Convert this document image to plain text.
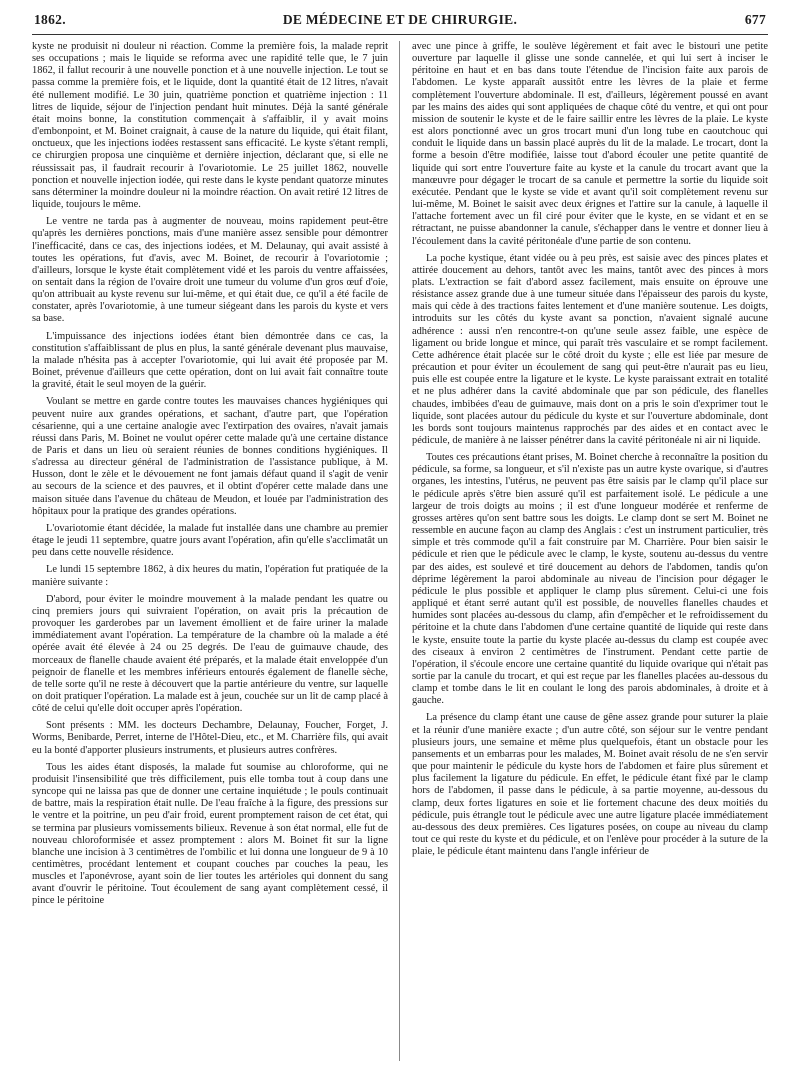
1862.	DE MÉDECINE ET DE CHIRURGIE.	677

kyste ne produisit ni douleur ni réaction. Comme la première fois, la malade reprit ses occupations ; mais le liquide se reforma avec une rapidité telle que, le 7 juin 1862, il fallut recourir à une nouvelle ponction et à une nouvelle injection. Le tout se passa comme la première fois, et le liquide, dont la quantité était de 12 litres, n'avait été nullement modifié. Le 30 juin, quatrième ponction et quatrième injection : 11 litres de liquide, séjour de l'injection pendant huit minutes. Déjà la santé générale était moins bonne, la constitution commençait à s'affaiblir, il y avait moins d'embonpoint, et M. Boinet craignait, à cause de la nature du liquide, qui était filant, onctueux, que les injections iodées restassent sans efficacité. Le kyste s'étant rempli, ce chirurgien proposa une cinquième et dernière injection, déclarant que, si elle ne réussissait pas, il faudrait recourir à l'ovariotomie. Le 25 juillet 1862, nouvelle ponction et nouvelle injection iodée, qui reste dans le kyste pendant quatorze minutes sans déterminer la moindre douleur ni la moindre réaction. On avait retiré 12 litres de liquide, toujours le même.

Le ventre ne tarda pas à augmenter de nouveau, moins rapidement peut-être qu'après les dernières ponctions, mais d'une manière assez sensible pour démontrer l'inefficacité, dans ce cas, des injections iodées, et M. Delaunay, qui avait assisté à toutes les opérations, fut d'avis, avec M. Boinet, de recourir à l'ovariotomie ; d'ailleurs, lorsque le kyste était complètement vidé et les parois du ventre affaissées, on sentait dans la région de l'ovaire droit une tumeur du volume d'un gros œuf d'oie, qu'on attribuait au kyste revenu sur lui-même, et qui était due, ce qu'il a été facile de constater, après l'ovariotomie, à une tumeur siégeant dans les parois du kyste et vers sa base.

L'impuissance des injections iodées étant bien démontrée dans ce cas, la constitution s'affaiblissant de plus en plus, la santé générale devenant plus mauvaise, la malade n'hésita pas à accepter l'ovariotomie, qui lui avait été proposée par M. Boinet, prévenue d'ailleurs que cette opération, dont on lui avait fait connaître toute la gravité, était le seul moyen de la guérir.

Voulant se mettre en garde contre toutes les mauvaises chances hygiéniques qui peuvent nuire aux grandes opérations, et sachant, d'autre part, que l'opération césarienne, qui a une certaine analogie avec l'extirpation des ovaires, n'avait jamais réussi dans Paris, M. Boinet ne voulut opérer cette malade qu'à une certaine distance de Paris et dans un lieu où seraient réunies de bonnes conditions hygiéniques. Il s'adressa au directeur général de l'administration de l'assistance publique, à M. Husson, dont le zèle et le dévouement ne font jamais défaut quand il s'agit de venir au secours de la science et des pauvres, et il obtint d'opérer cette malade dans une maison située dans l'avenue du château de Meudon, et louée par l'administration des hôpitaux pour la pratique des grandes opérations.

L'ovariotomie étant décidée, la malade fut installée dans une chambre au premier étage le jeudi 11 septembre, quatre jours avant l'opération, afin qu'elle s'acclimatât un peu dans cette nouvelle résidence.

Le lundi 15 septembre 1862, à dix heures du matin, l'opération fut pratiquée de la manière suivante :

D'abord, pour éviter le moindre mouvement à la malade pendant les quatre ou cinq premiers jours qui suivraient l'opération, on avait pris la précaution de provoquer les garderobes par un lavement émollient et de faire uriner la malade immédiatement avant l'opération. La température de la chambre où la malade a été opérée avait été élevée à 24 ou 25 degrés. De l'eau de guimauve chaude, des morceaux de flanelle chaude avaient été préparés, et la malade était enveloppée d'un peignoir de flanelle et les membres inférieurs entourés également de flanelle sèche, de telle sorte qu'il ne reste à découvert que la partie antérieure du ventre, sur laquelle on doit pratiquer l'opération. La malade est à jeun, couchée sur un lit de camp placé à côté de celui qu'elle doit occuper après l'opération.

Sont présents : MM. les docteurs Dechambre, Delaunay, Foucher, Forget, J. Worms, Benibarde, Perret, interne de l'Hôtel-Dieu, etc., et M. Charrière fils, qui avait eu la bonté d'apporter plusieurs instruments, et plusieurs autres confrères.

Tous les aides étant disposés, la malade fut soumise au chloroforme, qui ne produisit l'insensibilité que très difficilement, puis elle tomba tout à coup dans une syncope qui ne laissa pas que de donner une certaine inquiétude ; le pouls continuait de battre, mais la respiration était nulle. De l'eau fraîche à la figure, des pressions sur le ventre et la poitrine, un peu d'air froid, eurent promptement raison de cet état, qui se termina par plusieurs vomissements bilieux. Revenue à son état normal, elle fut de nouveau chloroformisée et assez promptement : alors M. Boinet fit sur la ligne blanche une incision à 3 centimètres de l'ombilic et lui donna une longueur de 9 à 10 centimètres, procédant lentement et coupant couches par couches la peau, les muscles et l'aponévrose, ayant soin de lier toutes les artérioles qui donnent du sang avant d'ouvrir le péritoine. Tout écoulement de sang ayant complètement cessé, il pince le péritoine

avec une pince à griffe, le soulève légèrement et fait avec le bistouri une petite ouverture par laquelle il glisse une sonde cannelée, et qui lui sert à inciser le péritoine en haut et en bas dans toute l'étendue de l'incision faite aux parois de l'abdomen. Le kyste apparaît aussitôt entre les lèvres de la plaie et ferme complètement l'ouverture abdominale. Il est, d'ailleurs, légèrement poussé en avant par les mains des aides qui sont appliquées de chaque côté du ventre, et qui ont pour mission de soutenir le kyste et de le faire saillir entre les lèvres de la plaie. Le kyste est alors ponctionné avec un gros trocart muni d'un long tube en caoutchouc qui conduit le liquide dans un bassin placé auprès du lit de la malade. Le trocart, dont la forme a besoin d'être modifiée, laisse tout d'abord écouler une petite quantité de liquide qui sort entre l'ouverture faite au kyste et la canule du trocart avant que la manœuvre pour dégager le trocart de sa canule et permettre la sortie du liquide soit exécutée. Pendant que le kyste se vide et avant qu'il soit complètement revenu sur lui-même, M. Boinet le saisit avec deux érignes et l'attire sur la canule, à laquelle il l'attache fortement avec un fil ciré pour éviter que le kyste, en se vidant et en se rétractant, ne puisse abandonner la canule, s'échapper dans le ventre et donner lieu à l'écoulement dans la cavité péritonéale d'une partie de son contenu.

La poche kystique, étant vidée ou à peu près, est saisie avec des pinces plates et attirée doucement au dehors, tantôt avec les mains, tantôt avec des pinces à mors plats. L'extraction se fait d'abord assez facilement, mais ensuite on éprouve une résistance assez grande due à une tumeur située dans l'épaisseur des parois du kyste, mais qui cède à des tractions faites lentement et d'une manière soutenue. Les doigts, introduits sur les côtés du kyste avant sa ponction, n'avaient signalé aucune adhérence : aussi n'en rencontre-t-on qu'une seule assez faible, une espèce de ligament ou bride longue et mince, qui paraît très vasculaire et se rompt facilement. Cette adhérence était placée sur le côté droit du kyste ; elle est liée par mesure de précaution et pour éviter un écoulement de sang qui peut-être n'aurait pas eu lieu, puis elle est coupée entre la ligature et le kyste. Le kyste paraissant extrait en totalité et ne plus adhérer dans la cavité abdominale que par son pédicule, des flanelles chaudes, imbibées d'eau de guimauve, mais dont on a pris le soin d'exprimer tout le liquide, sont placées autour du pédicule du kyste et sur l'ouverture abdominale, dont les bords sont toujours maintenus rapprochés par des aides et en contact avec le pédicule, de manière à ne laisser pénétrer dans la cavité péritonéale ni air ni liquide.

Toutes ces précautions étant prises, M. Boinet cherche à reconnaître la position du pédicule, sa forme, sa longueur, et s'il n'existe pas un autre kyste ovarique, si d'autres organes, les intestins, l'utérus, ne peuvent pas être saisis par le clamp qu'il place sur le pédicule après s'être bien assuré qu'il est parfaitement isolé. Le pédicule a une largeur de trois doigts au moins ; il est d'une longueur modérée et renferme de grosses artères qu'on sent battre sous les doigts. Le clamp dont se sert M. Boinet ne ressemble en aucune façon au clamp des Anglais : c'est un instrument particulier, très simple et très commode qu'il a fait construire par M. Charrière. Pour bien saisir le pédicule et rien que le pédicule avec le clamp, le kyste, soutenu au-dessus du ventre par des aides, est soulevé et tiré doucement au dehors de l'abdomen, tandis qu'on déprime légèrement la paroi abdominale au niveau de l'incision pour dégager le pédicule le plus possible et appliquer le clamp plus sûrement. Celui-ci une fois appliqué et étant serré autant qu'il est possible, de nouvelles flanelles chaudes et humides sont placées au-dessous du clamp, afin d'empêcher et le refroidissement du péritoine et la chute dans l'abdomen d'une certaine quantité de liquide qui reste dans le kyste, ensuite toute la partie du kyste placée au-dessus du clamp est coupée avec des ciseaux à environ 2 centimètres de l'instrument. Pendant cette partie de l'opération, il s'écoule encore une certaine quantité du liquide ovarique qui n'était pas sortie par la canule du trocart, et qui est reçue par les flanelles placées au-dessous du clamp et tombe dans le lit en coulant le long des parois abdominales, à droite et à gauche.

La présence du clamp étant une cause de gêne assez grande pour suturer la plaie et la réunir d'une manière exacte ; d'un autre côté, son séjour sur le ventre pendant plusieurs jours, une semaine et même plus quelquefois, étant un obstacle pour les pansements et un embarras pour les malades, M. Boinet avait résolu de ne s'en servir que pour maintenir le pédicule du kyste hors de l'abdomen et faire plus sûrement et plus facilement la ligature du pédicule. En effet, le pédicule étant fixé par le clamp hors de l'abdomen, il passe dans le pédicule, à sa partie moyenne, au-dessous du clamp, deux fortes ligatures en soie et lie fortement chacune des deux moitiés du pédicule, puis étrangle tout le pédicule avec une autre ligature placée immédiatement au-dessous des deux premières. Ces ligatures posées, on coupe au niveau du clamp tout ce qui reste du kyste et du pédicule, et on l'enlève pour procéder à la suture de la plaie, le pédicule étant maintenu dans l'angle inférieur de
